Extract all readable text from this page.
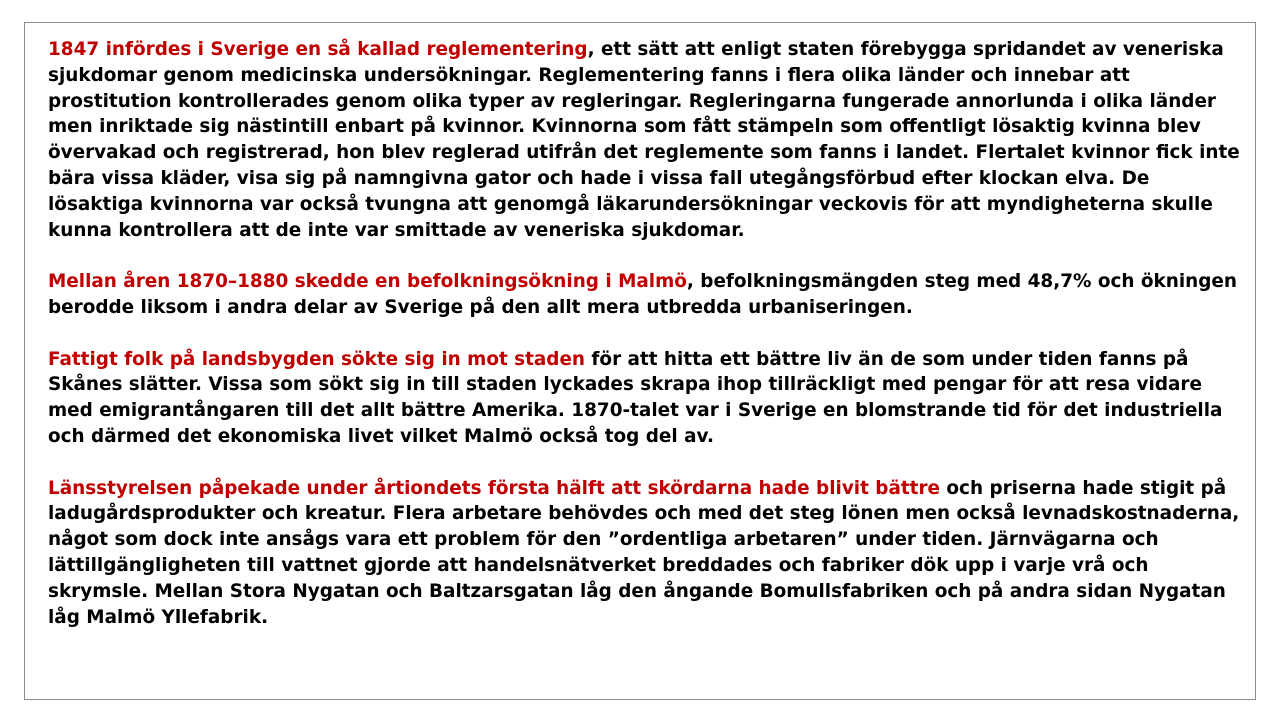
1847 infördes i Sverige en så kallad reglementering, ett sätt att enligt staten förebygga spridandet av veneriska sjukdomar genom medicinska undersökningar. Reglementering fanns i flera olika länder och innebar att prostitution kontrollerades genom olika typer av regleringar. Regleringarna fungerade annorlunda i olika länder men inriktade sig nästintill enbart på kvinnor. Kvinnorna som fått stämpeln som offentligt lösaktig kvinna blev övervakad och registrerad, hon blev reglerad utifrån det reglemente som fanns i landet. Flertalet kvinnor fick inte bära vissa kläder, visa sig på namngivna gator och hade i vissa fall utegångsförbud efter klockan elva. De lösaktiga kvinnorna var också tvungna att genomgå läkarundersökningar veckovis för att myndigheterna skulle kunna kontrollera att de inte var smittade av veneriska sjukdomar.

Mellan åren 1870–1880 skedde en befolkningsökning i Malmö, befolkningsmängden steg med 48,7% och ökningen berodde liksom i andra delar av Sverige på den allt mera utbredda urbaniseringen.

Fattigt folk på landsbygden sökte sig in mot staden för att hitta ett bättre liv än de som under tiden fanns på Skånes slätter. Vissa som sökt sig in till staden lyckades skrapa ihop tillräckligt med pengar för att resa vidare med emigrantångaren till det allt bättre Amerika. 1870-talet var i Sverige en blomstrande tid för det industriella och därmed det ekonomiska livet vilket Malmö också tog del av.

Länsstyrelsen påpekade under årtiondets första hälft att skördarna hade blivit bättre och priserna hade stigit på ladugårdsprodukter och kreatur. Flera arbetare behövdes och med det steg lönen men också levnadskostnaderna, något som dock inte ansågs vara ett problem för den ”ordentliga arbetaren” under tiden. Järnvägarna och lättillgängligheten till vattnet gjorde att handelsnätverket breddades och fabriker dök upp i varje vrå och skrymsle. Mellan Stora Nygatan och Baltzarsgatan låg den ångande Bomullsfabriken och på andra sidan Nygatan låg Malmö Yllefabrik.
